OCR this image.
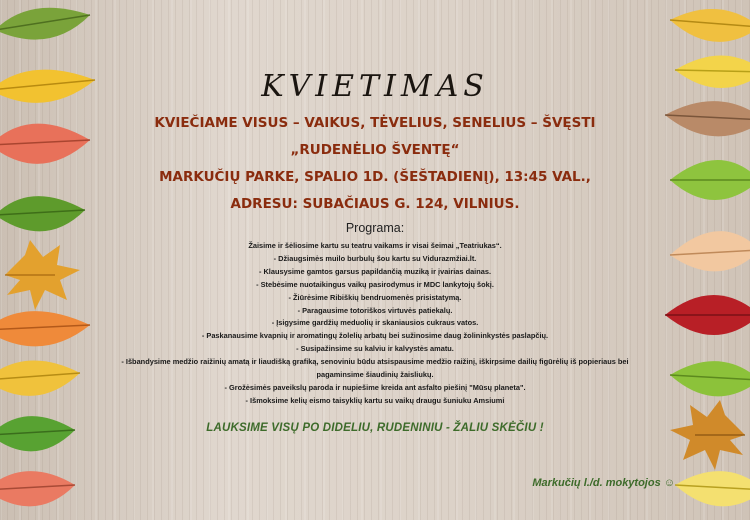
KVIETIMAS
KVIEČIAME VISUS – VAIKUS, TĖVELIUS, SENELIUS – ŠVĘSTI
„RUDENĖLIO ŠVENTĘ“
MARKUČIŲ PARKE, SPALIO 1D. (ŠEŠTADIENĮ), 13:45 VAL.,
ADRESU: SUBAČIAUS G. 124, VILNIUS.
Programa:
Žaisime ir šėliosime kartu su teatru vaikams ir visai šeimai „Teatriukas“.
- Džiaugsimės muilo burbulų šou kartu su Vidurazmžiai.lt.
- Klausysime gamtos garsus papildančią muziką ir įvairias dainas.
- Stebėsime nuotaikingus vaikų pasirodymus ir MDC lankytojų šokį.
- Žiūrėsime Ribiškių bendruomenės prisistatymą.
- Paragausime totoriškos virtuvės patiekalų.
- Įsigysime gardžių meduolių ir skaniausios cukraus vatos.
- Paskanausime kvapnių ir aromatingų žolelių arbatų bei sužinosime daug žolininkystės paslapčių.
- Susipažinsime su kalviu ir kalvystės amatu.
- Išbandysime medžio raižinių amatą ir liaudišką grafiką, senoviniu būdu atsispausime medžio raižinį, iškirpsime dailių figūrėlių iš popieriaus bei pagaminsime šiaudinių žaisliukų.
- Grožėsimės paveikslų paroda ir nupiešime kreida ant asfalto piešinį "Mūsų planeta".
- Išmoksime kelių eismo taisyklių kartu su vaikų draugu šuniuku Amsiumi
LAUKSIME VISŲ PO DIDELIU, RUDENINIU - ŽALIU SKĖČIU !
Markučių l./d. mokytojos ☺
